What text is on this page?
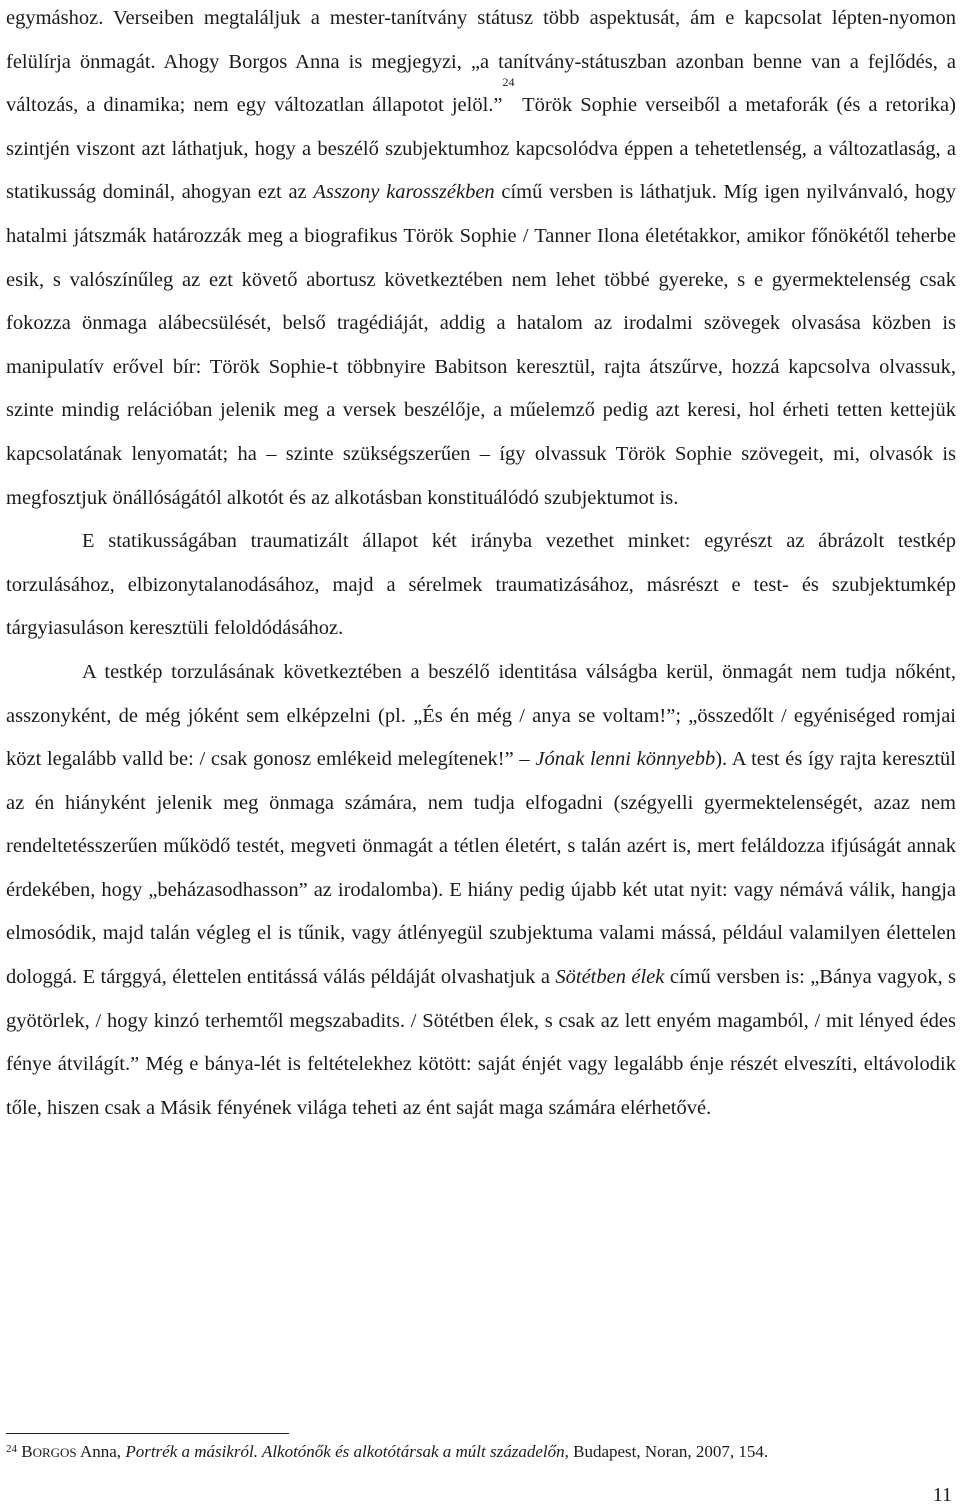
egymáshoz. Verseiben megtaláljuk a mester-tanítvány státusz több aspektusát, ám e kapcsolat lépten-nyomon felülírja önmagát. Ahogy Borgos Anna is megjegyzi, „a tanítvány-státuszban azonban benne van a fejlődés, a változás, a dinamika; nem egy változatlan állapotot jelöl.”$^{24}$ Török Sophie verseiből a metaforák (és a retorika) szintjén viszont azt láthatjuk, hogy a beszélő szubjektumhoz kapcsolódva éppen a tehetetlenség, a változatlaság, a statikusság dominál, ahogyan ezt az Asszony karosszékben című versben is láthatjuk. Míg igen nyilvánvaló, hogy hatalmi játszmák határozzák meg a biografikus Török Sophie / Tanner Ilona életétakkor, amikor főnökétől teherbe esik, s valószínűleg az ezt követő abortusz következtében nem lehet többé gyereke, s e gyermektelenség csak fokozza önmaga alábecsülését, belső tragédiáját, addig a hatalom az irodalmi szövegek olvasása közben is manipulatív erővel bír: Török Sophie-t többnyire Babitson keresztül, rajta átszűrve, hozzá kapcsolva olvassuk, szinte mindig relációban jelenik meg a versek beszélője, a műelemző pedig azt keresi, hol érheti tetten kettejük kapcsolatának lenyomatát; ha – szinte szükségszerűen – így olvassuk Török Sophie szövegeit, mi, olvasók is megfosztjuk önállóságától alkotót és az alkotásban konstituálódó szubjektumot is.

E statikusságában traumatizált állapot két irányba vezethet minket: egyrészt az ábrázolt testkép torzulásához, elbizonytalanodásához, majd a sérelmek traumatizásához, másrészt e test- és szubjektumkép tárgyiasuláson keresztüli feloldódásához.

A testkép torzulásának következtében a beszélő identitása válságba kerül, önmagát nem tudja nőként, asszonyként, de még jóként sem elképzelni (pl. „És én még / anya se voltam!”; „összedőlt / egyéniséged romjai közt legalább valld be: / csak gonosz emlékeid melegítenek!” – Jónak lenni könnyebb). A test és így rajta keresztül az én hiányként jelenik meg önmaga számára, nem tudja elfogadni (szégyelli gyermektelenségét, azaz nem rendeltetésszerűen működő testét, megveti önmagát a tétlen életért, s talán azért is, mert feláldozza ifjúságát annak érdekében, hogy „beházasodhasson” az irodalomba). E hiány pedig újabb két utat nyit: vagy némává válik, hangja elmosódik, majd talán végleg el is tűnik, vagy átlényegül szubjektuma valami mássá, például valamilyen élettelen dologgá. E tárggyá, élettelen entitássá válás példáját olvashatjuk a Sötétben élek című versben is: „Bánya vagyok, s gyötörlek, / hogy kinzó terhemtől megszabadits. / Sötétben élek, s csak az lett enyém magamból, / mit lényed édes fénye átvilágít.” Még e bánya-lét is feltételekhez kötött: saját énjét vagy legalább énje részét elveszíti, eltávolodik tőle, hiszen csak a Másik fényének világa teheti az ént saját maga számára elérhetővé.

$^{24}$ BORGOS Anna, Portrék a másikról. Alkotónők és alkotótársak a múlt századelőn, Budapest, Noran, 2007, 154.

11
